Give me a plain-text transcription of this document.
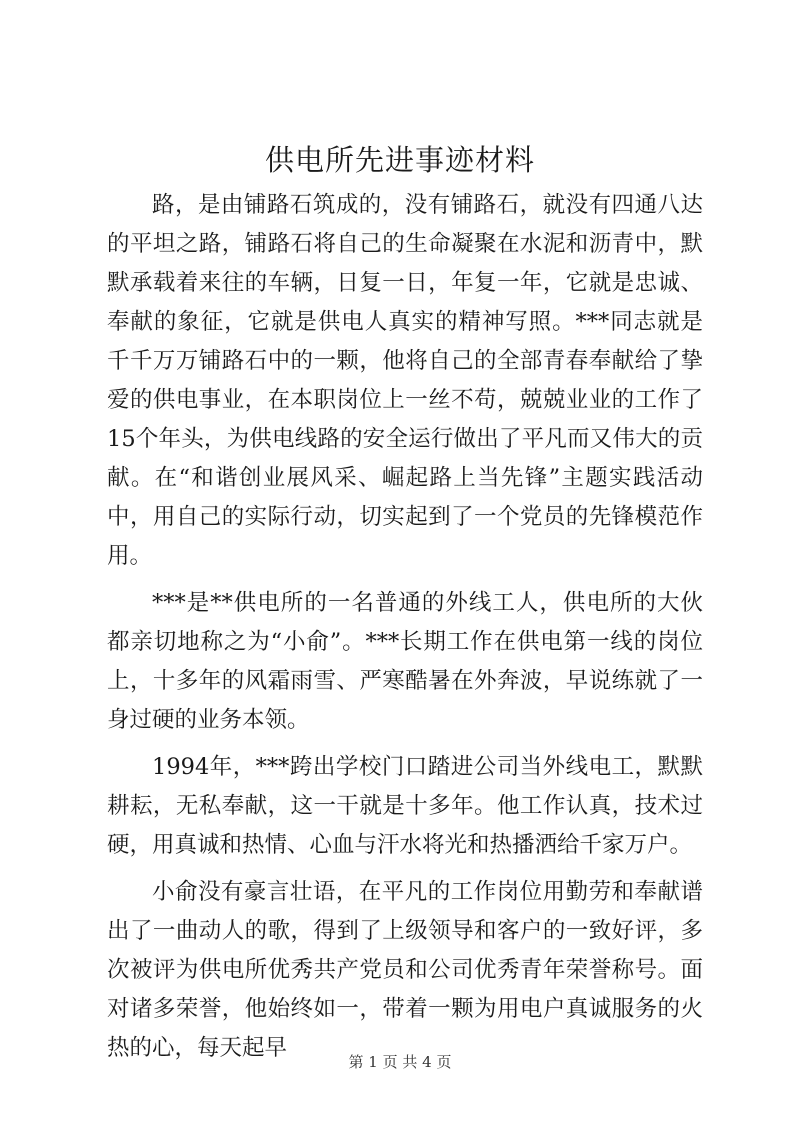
供电所先进事迹材料

路，是由铺路石筑成的，没有铺路石，就没有四通八达的平坦之路，铺路石将自己的生命凝聚在水泥和沥青中，默默承载着来往的车辆，日复一日，年复一年，它就是忠诚、奉献的象征，它就是供电人真实的精神写照。***同志就是千千万万铺路石中的一颗，他将自己的全部青春奉献给了挚爱的供电事业，在本职岗位上一丝不苟，兢兢业业的工作了15个年头，为供电线路的安全运行做出了平凡而又伟大的贡献。在“和谐创业展风采、崛起路上当先锋”主题实践活动中，用自己的实际行动，切实起到了一个党员的先锋模范作用。

***是**供电所的一名普通的外线工人，供电所的大伙都亲切地称之为“小俞”。***长期工作在供电第一线的岗位上，十多年的风霜雨雪、严寒酷暑在外奔波，早说练就了一身过硬的业务本领。

1994年，***跨出学校门口踏进公司当外线电工，默默耕耘，无私奉献，这一干就是十多年。他工作认真，技术过硬，用真诚和热情、心血与汗水将光和热播洒给千家万户。

小俞没有豪言壮语，在平凡的工作岗位用勤劳和奉献谱出了一曲动人的歌，得到了上级领导和客户的一致好评，多次被评为供电所优秀共产党员和公司优秀青年荣誉称号。面对诸多荣誉，他始终如一，带着一颗为用电户真诚服务的火热的心，每天起早

第 1 页 共 4 页
